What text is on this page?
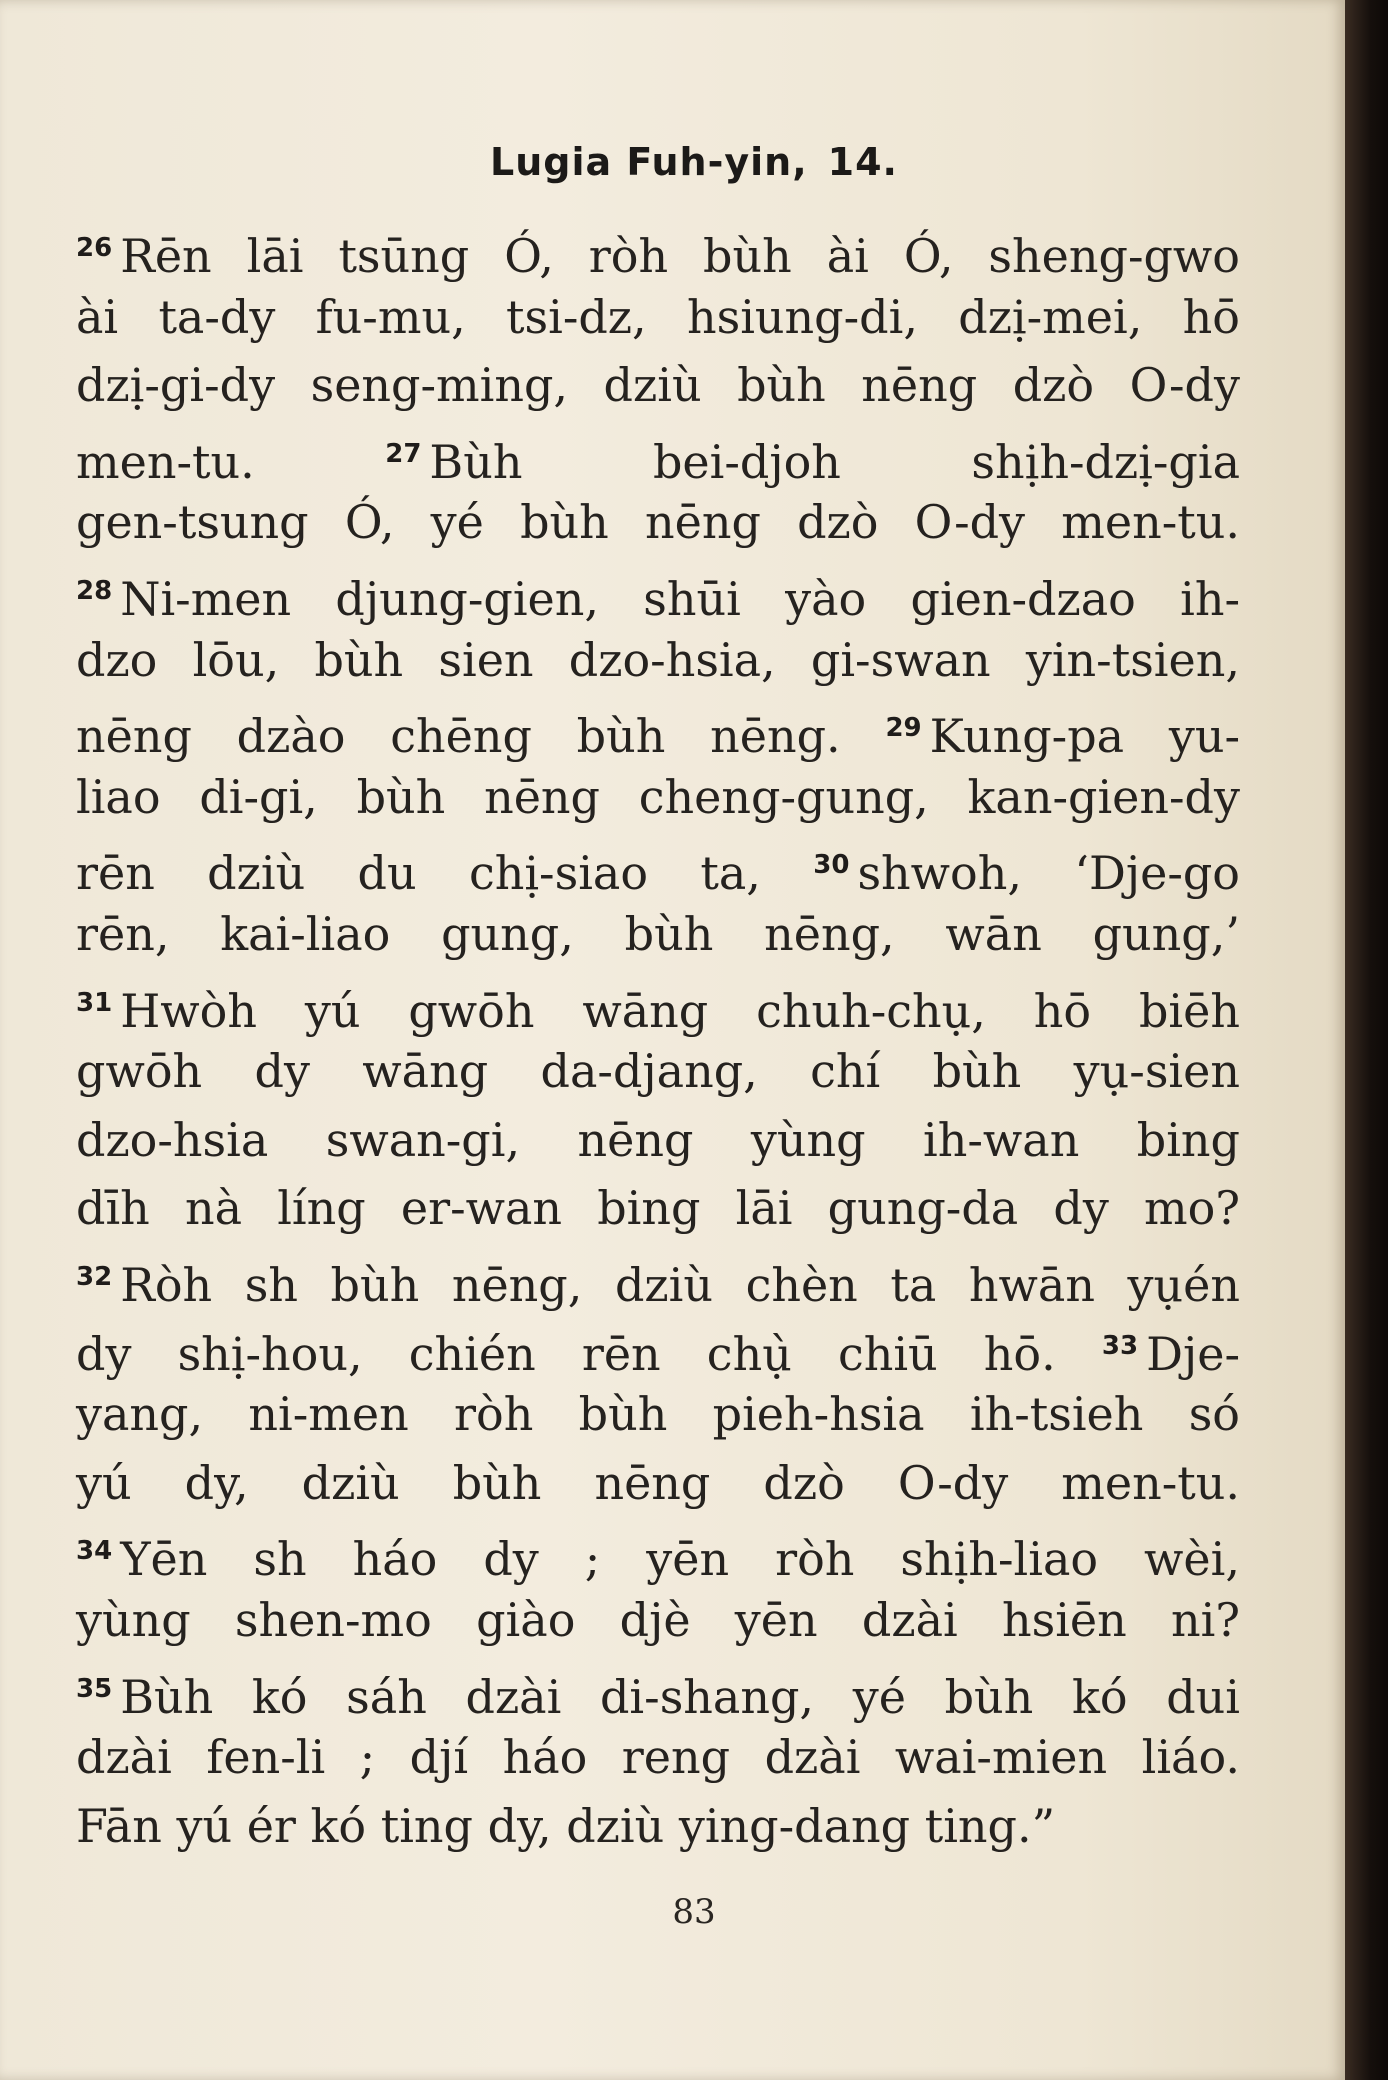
Lugia Fuh-yin, 14.
$^{26}$ Rēn lāi tsūng Ó, ròh bùh ài Ó, sheng-gwo
ài ta-dy fu-mu, tsi-dz, hsiung-di, dzị-mei, hō
dzị-gi-dy seng-ming, dziù bùh nēng dzò O-dy
men-tu.	$^{27}$ Bùh bei-djoh shịh-dzị-gia
gen-tsung Ó, yé bùh nēng dzò O-dy men-tu.
$^{28}$ Ni-men djung-gien, shūi yào gien-dzao ih-
dzo lōu, bùh sien dzo-hsia, gi-swan yin-tsien,
nēng dzào chēng bùh nēng. $^{29}$ Kung-pa yu-
liao di-gi, bùh nēng cheng-gung, kan-gien-dy
rēn dziù du chị-siao ta, $^{30}$ shwoh, ‘Dje-go
rēn, kai-liao gung, bùh nēng, wān gung,’
$^{31}$ Hwòh yú gwōh wāng chuh-chụ, hō biēh
gwōh dy wāng da-djang, chí bùh yụ-sien
dzo-hsia swan-gi, nēng yùng ih-wan bing
dīh nà líng er-wan bing lāi gung-da dy mo?
$^{32}$ Ròh sh bùh nēng, dziù chèn ta hwān yụén
dy shị-hou, chién rēn chụ̀ chiū hō. $^{33}$ Dje-
yang, ni-men ròh bùh pieh-hsia ih-tsieh só
yú dy, dziù bùh nēng dzò O-dy men-tu.
$^{34}$ Yēn sh háo dy ; yēn ròh shịh-liao wèi,
yùng shen-mo giào djè yēn dzài hsiēn ni?
$^{35}$ Bùh kó sáh dzài di-shang, yé bùh kó dui
dzài fen-li ; djí háo reng dzài wai-mien liáo.
Fān yú ér kó ting dy, dziù ying-dang ting.”
83
